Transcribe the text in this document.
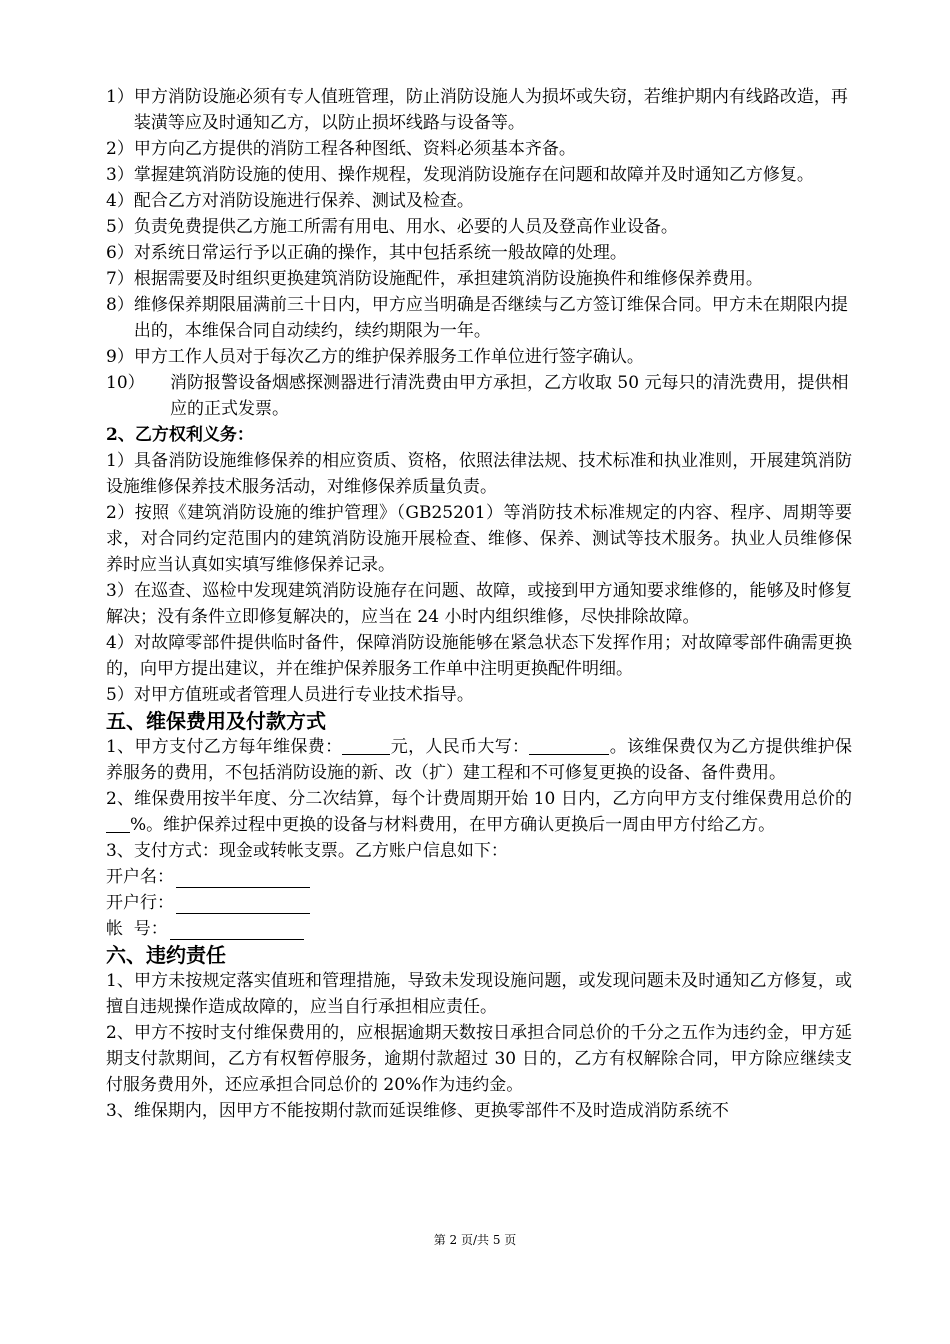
1） 甲方消防设施必须有专人值班管理，防止消防设施人为损坏或失窃，若维护期内有线路改造，再装潢等应及时通知乙方，以防止损坏线路与设备等。
2） 甲方向乙方提供的消防工程各种图纸、资料必须基本齐备。
3） 掌握建筑消防设施的使用、操作规程，发现消防设施存在问题和故障并及时通知乙方修复。
4） 配合乙方对消防设施进行保养、测试及检查。
5） 负责免费提供乙方施工所需有用电、用水、必要的人员及登高作业设备。
6） 对系统日常运行予以正确的操作，其中包括系统一般故障的处理。
7） 根据需要及时组织更换建筑消防设施配件，承担建筑消防设施换件和维修保养费用。
8） 维修保养期限届满前三十日内，甲方应当明确是否继续与乙方签订维保合同。甲方未在期限内提出的，本维保合同自动续约，续约期限为一年。
9） 甲方工作人员对于每次乙方的维护保养服务工作单位进行签字确认。
10）	消防报警设备烟感探测器进行清洗费由甲方承担，乙方收取 50 元每只的清洗费用，提供相应的正式发票。

2、乙方权利义务：

1）具备消防设施维修保养的相应资质、资格，依照法律法规、技术标准和执业准则，开展建筑消防设施维修保养技术服务活动，对维修保养质量负责。

2）按照《建筑消防设施的维护管理》（GB25201）等消防技术标准规定的内容、程序、周期等要求，对合同约定范围内的建筑消防设施开展检查、维修、保养、测试等技术服务。执业人员维修保养时应当认真如实填写维修保养记录。

3）在巡查、巡检中发现建筑消防设施存在问题、故障，或接到甲方通知要求维修的，能够及时修复解决；没有条件立即修复解决的，应当在 24 小时内组织维修，尽快排除故障。

4）对故障零部件提供临时备件，保障消防设施能够在紧急状态下发挥作用；对故障零部件确需更换的，向甲方提出建议，并在维护保养服务工作单中注明更换配件明细。

5）对甲方值班或者管理人员进行专业技术指导。

五、维保费用及付款方式

1、甲方支付乙方每年维保费：	元，人民币大写：	。该维保费仅为乙方提供维护保养服务的费用，不包括消防设施的新、改（扩）建工程和不可修复更换的设备、备件费用。

2、维保费用按半年度、分二次结算，每个计费周期开始 10 日内，乙方向甲方支付维保费用总价的%。维护保养过程中更换的设备与材料费用，在甲方确认更换后一周由甲方付给乙方。

3、支付方式：现金或转帐支票。乙方账户信息如下：

开户名：
开户行：
帐  号：

六、违约责任

1、甲方未按规定落实值班和管理措施，导致未发现设施问题，或发现问题未及时通知乙方修复，或擅自违规操作造成故障的，应当自行承担相应责任。

2、甲方不按时支付维保费用的，应根据逾期天数按日承担合同总价的千分之五作为违约金，甲方延期支付款期间，乙方有权暂停服务，逾期付款超过 30 日的，乙方有权解除合同，甲方除应继续支付服务费用外，还应承担合同总价的 20%作为违约金。

3、维保期内，因甲方不能按期付款而延误维修、更换零部件不及时造成消防系统不

第 2 页/共 5 页
